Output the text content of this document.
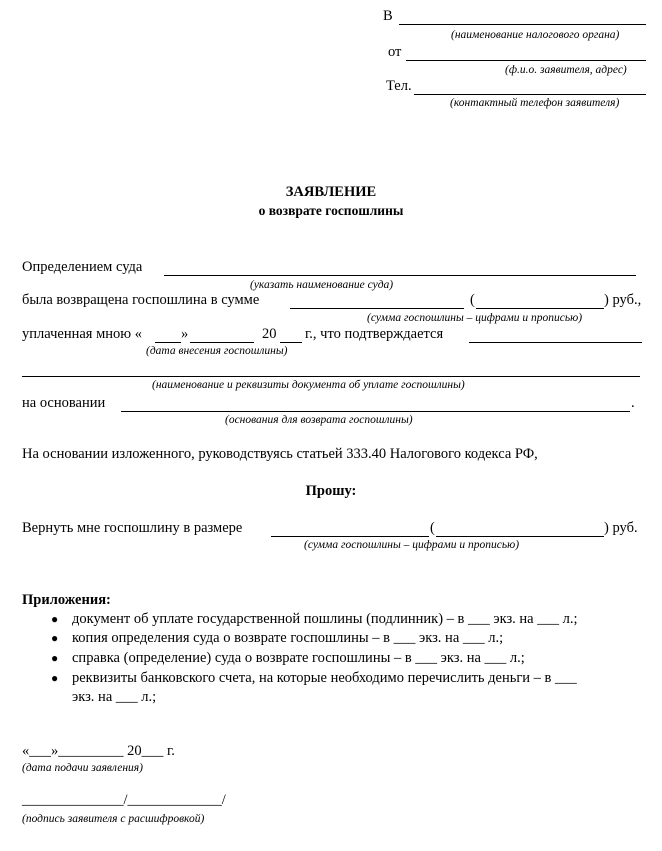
В
(наименование налогового органа)
от
(ф.и.о. заявителя, адрес)
Тел.
(контактный телефон заявителя)
ЗАЯВЛЕНИЕ
о возврате госпошлины
Определением суда
(указать наименование суда)
была возвращена госпошлина в сумме	(	) руб.,
(сумма госпошлины – цифрами и прописью)
уплаченная мною «	»	20 г., что подтверждается
(дата внесения госпошлины)
(наименование и реквизиты документа об уплате госпошлины)
на основании	.
(основания для возврата госпошлины)
На основании изложенного, руководствуясь статьей 333.40 Налогового кодекса РФ,
Прошу:
Вернуть мне госпошлину в размере	(	) руб.
(сумма госпошлины – цифрами и прописью)
Приложения:
● документ об уплате государственной пошлины (подлинник) – в ___ экз. на ___ л.;
● копия определения суда о возврате госпошлины – в ___ экз. на ___ л.;
● справка (определение) суда о возврате госпошлины – в ___ экз. на ___ л.;
● реквизиты банковского счета, на которые необходимо перечислить деньги – в ___
экз. на ___ л.;
«___»_________ 20___ г.
(дата подачи заявления)
______________/_____________/
(подпись заявителя с расшифровкой)
